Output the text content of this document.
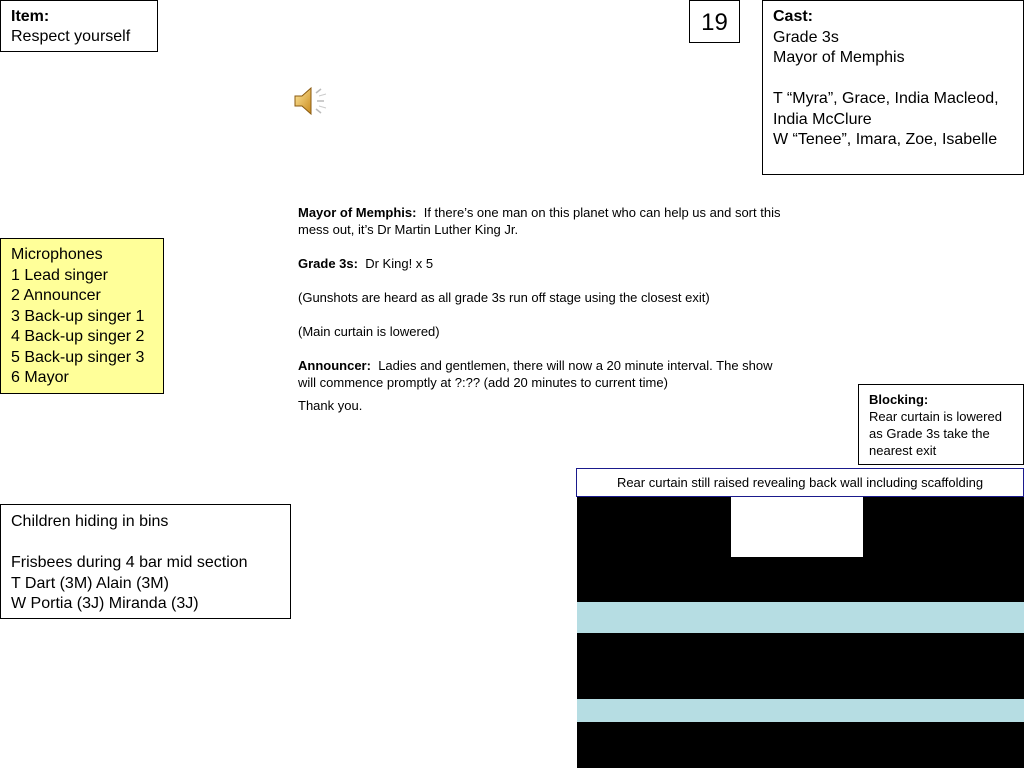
Item:
Respect yourself
19	Cast:
Grade 3s
Mayor of Memphis

T “Myra”, Grace, India Macleod,
India McClure
W “Tenee”, Imara, Zoe, Isabelle
Microphones
1 Lead singer
2 Announcer
3 Back-up singer 1
4 Back-up singer 2
5 Back-up singer 3
6 Mayor

Mayor of Memphis: If there’s one man on this planet who can help us and sort this mess out, it’s Dr Martin Luther King Jr.

Grade 3s: Dr King! x 5

(Gunshots are heard as all grade 3s run off stage using the closest exit)

(Main curtain is lowered)

Announcer: Ladies and gentlemen, there will now a 20 minute interval. The show will commence promptly at ?:?? (add 20 minutes to current time)

Thank you.	Blocking:
Rear curtain is lowered
as Grade 3s take the
nearest exit
Children hiding in bins

Frisbees during 4 bar mid section
T Dart (3M) Alain (3M)
W Portia (3J) Miranda (3J)
Rear curtain still raised revealing back wall including scaffolding
